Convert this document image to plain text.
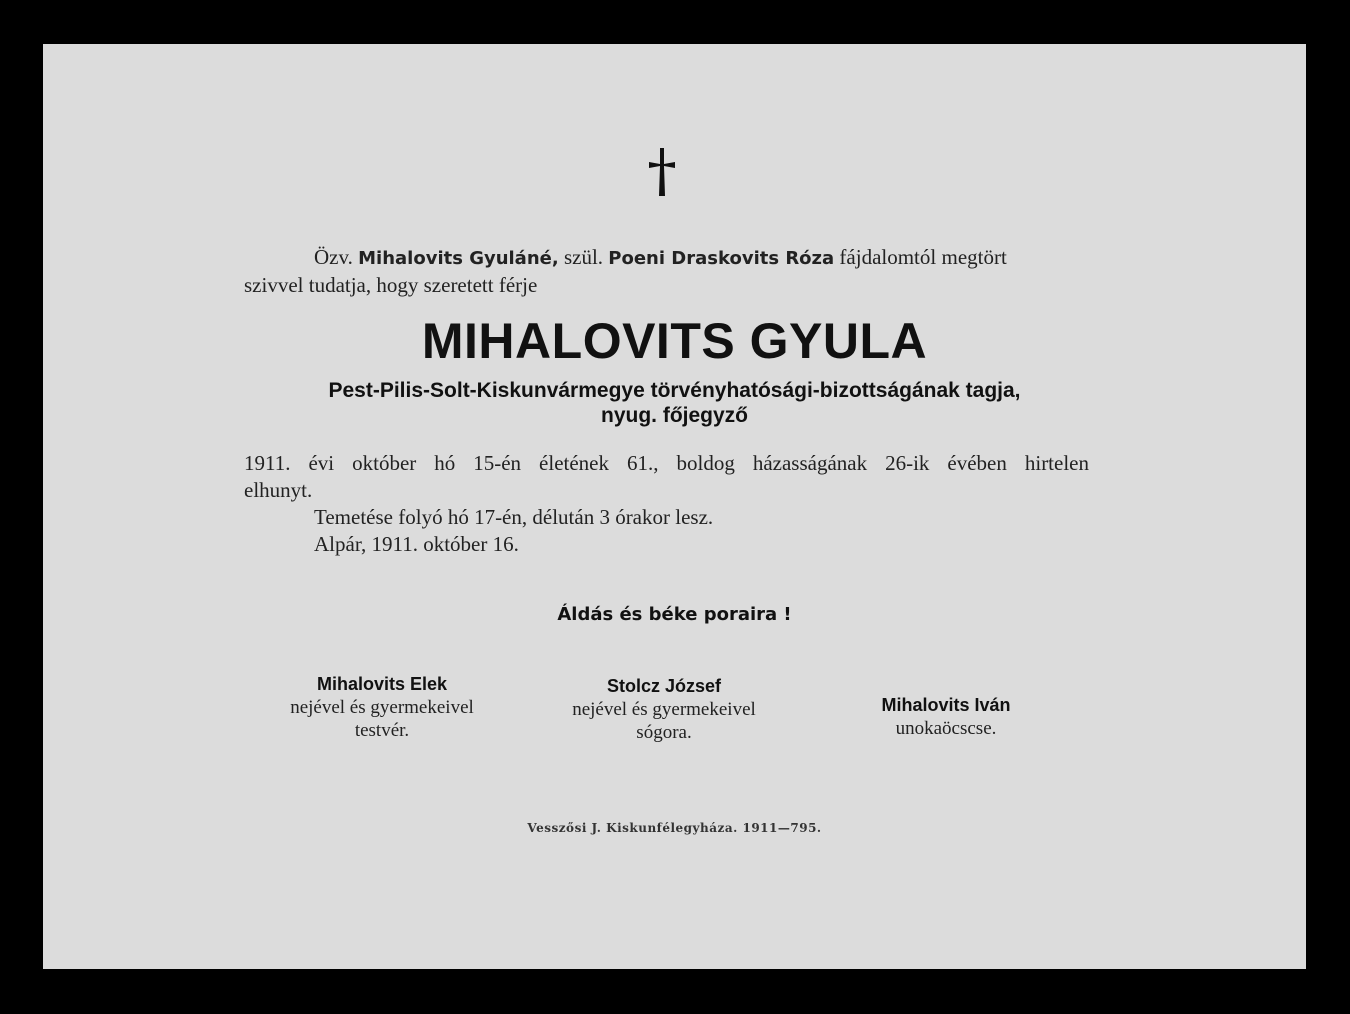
Özv. Mihalovits Gyuláné, szül. Poeni Draskovits Róza fájdalomtól megtört
szivvel tudatja, hogy szeretett férje
MIHALOVITS GYULA
Pest-Pilis-Solt-Kiskunvármegye törvényhatósági-bizottságának tagja,
nyug. főjegyző
1911. évi október hó 15-én életének 61., boldog házasságának 26-ik évében hirtelen
elhunyt.
Temetése folyó hó 17-én, délután 3 órakor lesz.
Alpár, 1911. október 16.
Áldás és béke poraira !
Mihalovits Elek
nejével és gyermekeivel
testvér.
Stolcz József
nejével és gyermekeivel
sógora.
Mihalovits Iván
unokaöcscse.
Vesszősi J. Kiskunfélegyháza. 1911—795.
